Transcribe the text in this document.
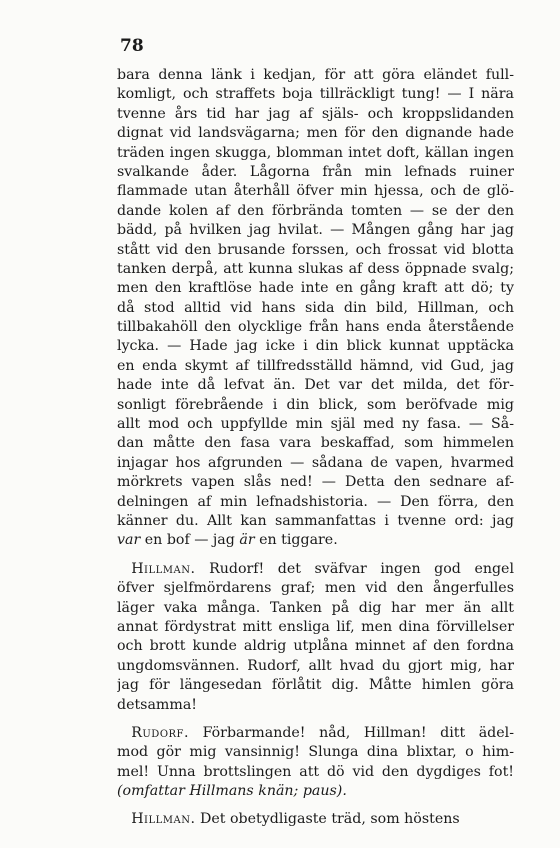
78
bara denna länk i kedjan, för att göra eländet full-
komligt, och straffets boja tillräckligt tung! — I nära
tvenne års tid har jag af själs- och kroppslidanden
dignat vid landsvägarna; men för den dignande hade
träden ingen skugga, blomman intet doft, källan ingen
svalkande åder. Lågorna från min lefnads ruiner
flammade utan återhåll öfver min hjessa, och de glö-
dande kolen af den förbrända tomten — se der den
bädd, på hvilken jag hvilat. — Mången gång har jag
stått vid den brusande forssen, och frossat vid blotta
tanken derpå, att kunna slukas af dess öppnade svalg;
men den kraftlöse hade inte en gång kraft att dö; ty
då stod alltid vid hans sida din bild, Hillman, och
tillbakahöll den olycklige från hans enda återstående
lycka. — Hade jag icke i din blick kunnat upptäcka
en enda skymt af tillfredsställd hämnd, vid Gud, jag
hade inte då lefvat än. Det var det milda, det för-
sonligt förebrående i din blick, som beröfvade mig
allt mod och uppfyllde min själ med ny fasa. — Så-
dan måtte den fasa vara beskaffad, som himmelen
injagar hos afgrunden — sådana de vapen, hvarmed
mörkrets vapen slås ned! — Detta den sednare af-
delningen af min lefnadshistoria. — Den förra, den
känner du. Allt kan sammanfattas i tvenne ord: jag
var en bof — jag är en tiggare.
 Hillman. Rudorf! det sväfvar ingen god engel
öfver sjelfmördarens graf; men vid den ångerfulles
läger vaka många. Tanken på dig har mer än allt
annat fördystrat mitt ensliga lif, men dina förvillelser
och brott kunde aldrig utplåna minnet af den fordna
ungdomsvännen. Rudorf, allt hvad du gjort mig, har
jag för längesedan förlåtit dig. Måtte himlen göra
detsamma!
 Rudorf. Förbarmande! nåd, Hillman! ditt ädel-
mod gör mig vansinnig! Slunga dina blixtar, o him-
mel! Unna brottslingen att dö vid den dygdiges fot!
(omfattar Hillmans knän; paus).
 Hillman. Det obetydligaste träd, som höstens
